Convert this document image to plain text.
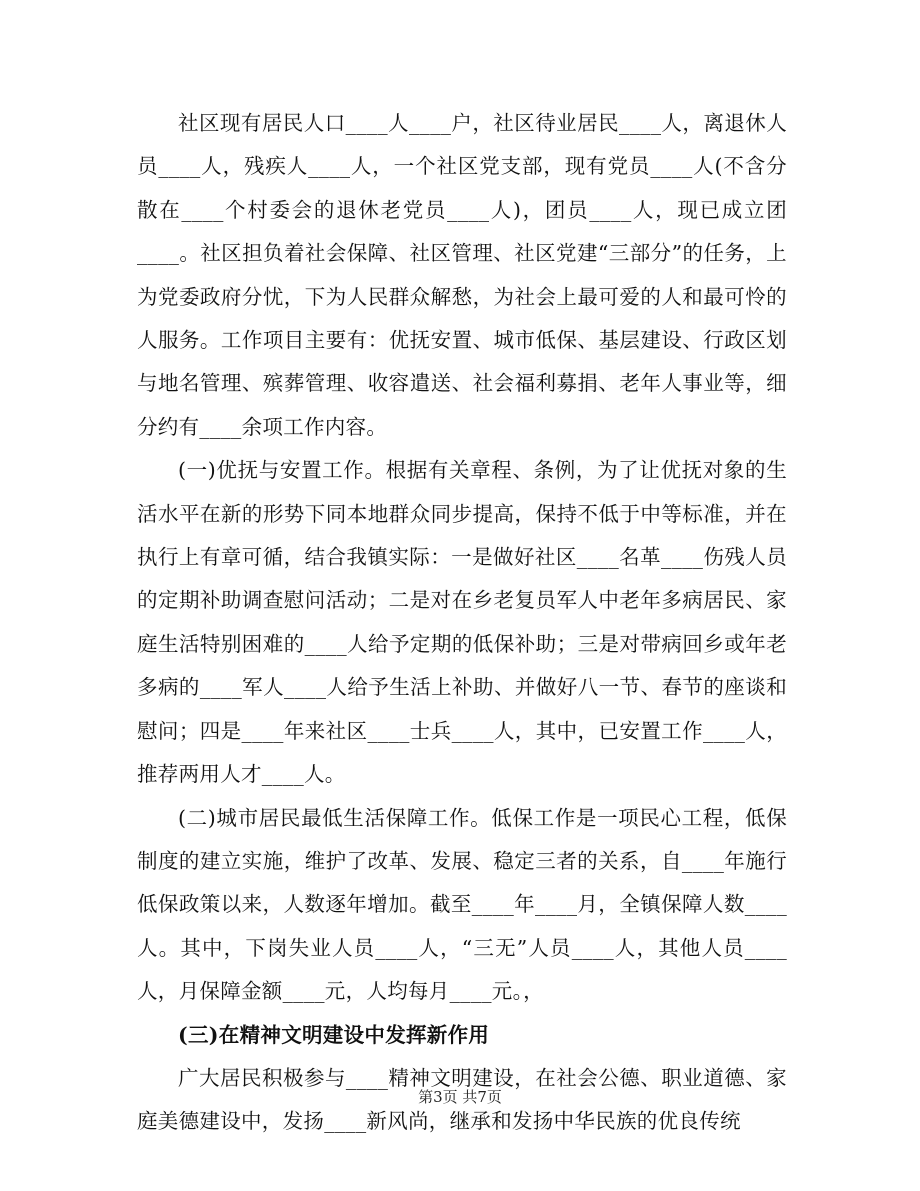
社区现有居民人口____人____户，社区待业居民____人，离退休人员____人，残疾人____人，一个社区党支部，现有党员____人(不含分散在____个村委会的退休老党员____人)，团员____人，现已成立团____。社区担负着社会保障、社区管理、社区党建“三部分”的任务，上为党委政府分忧，下为人民群众解愁，为社会上最可爱的人和最可怜的人服务。工作项目主要有：优抚安置、城市低保、基层建设、行政区划与地名管理、殡葬管理、收容遣送、社会福利募捐、老年人事业等，细分约有____余项工作内容。

(一)优抚与安置工作。根据有关章程、条例，为了让优抚对象的生活水平在新的形势下同本地群众同步提高，保持不低于中等标准，并在执行上有章可循，结合我镇实际：一是做好社区____名革____伤残人员的定期补助调查慰问活动；二是对在乡老复员军人中老年多病居民、家庭生活特别困难的____人给予定期的低保补助；三是对带病回乡或年老多病的____军人____人给予生活上补助、并做好八一节、春节的座谈和慰问；四是____年来社区____士兵____人，其中，已安置工作____人，推荐两用人才____人。

(二)城市居民最低生活保障工作。低保工作是一项民心工程，低保制度的建立实施，维护了改革、发展、稳定三者的关系，自____年施行低保政策以来，人数逐年增加。截至____年____月，全镇保障人数____人。其中，下岗失业人员____人，“三无”人员____人，其他人员____人，月保障金额____元，人均每月____元。，

(三)在精神文明建设中发挥新作用

广大居民积极参与____精神文明建设，在社会公德、职业道德、家庭美德建设中，发扬____新风尚，继承和发扬中华民族的优良传统

第3页 共7页
